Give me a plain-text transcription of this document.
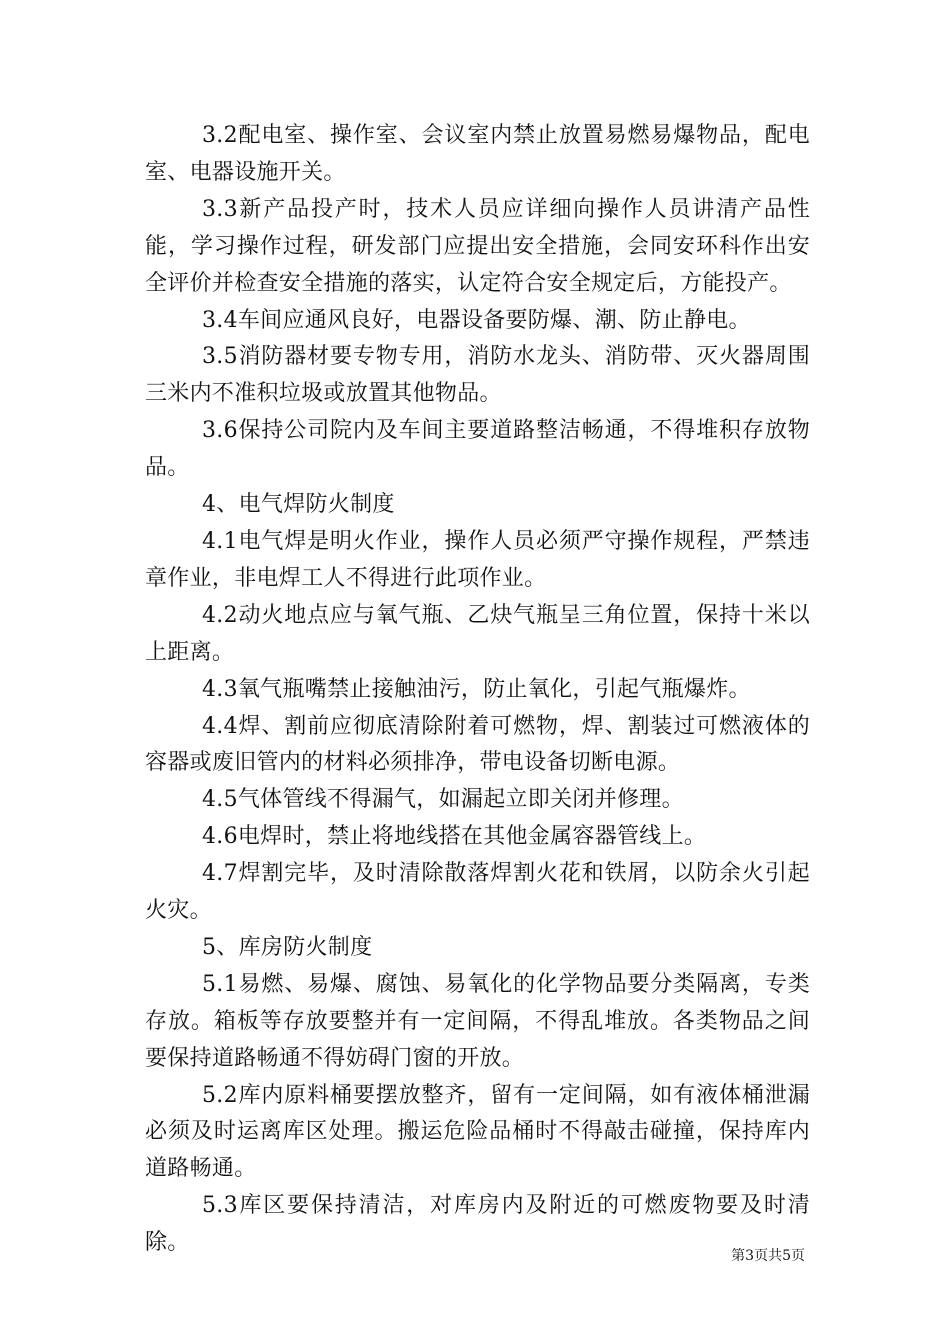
3.2配电室、操作室、会议室内禁止放置易燃易爆物品，配电室、电器设施开关。

3.3新产品投产时，技术人员应详细向操作人员讲清产品性能，学习操作过程，研发部门应提出安全措施，会同安环科作出安全评价并检查安全措施的落实，认定符合安全规定后，方能投产。

3.4车间应通风良好，电器设备要防爆、潮、防止静电。

3.5消防器材要专物专用，消防水龙头、消防带、灭火器周围三米内不准积垃圾或放置其他物品。

3.6保持公司院内及车间主要道路整洁畅通，不得堆积存放物品。

4、电气焊防火制度

4.1电气焊是明火作业，操作人员必须严守操作规程，严禁违章作业，非电焊工人不得进行此项作业。

4.2动火地点应与氧气瓶、乙炔气瓶呈三角位置，保持十米以上距离。

4.3氧气瓶嘴禁止接触油污，防止氧化，引起气瓶爆炸。

4.4焊、割前应彻底清除附着可燃物，焊、割装过可燃液体的容器或废旧管内的材料必须排净，带电设备切断电源。

4.5气体管线不得漏气，如漏起立即关闭并修理。

4.6电焊时，禁止将地线搭在其他金属容器管线上。

4.7焊割完毕，及时清除散落焊割火花和铁屑，以防余火引起火灾。

5、库房防火制度

5.1易燃、易爆、腐蚀、易氧化的化学物品要分类隔离，专类存放。箱板等存放要整并有一定间隔，不得乱堆放。各类物品之间要保持道路畅通不得妨碍门窗的开放。

5.2库内原料桶要摆放整齐，留有一定间隔，如有液体桶泄漏必须及时运离库区处理。搬运危险品桶时不得敲击碰撞，保持库内道路畅通。

5.3库区要保持清洁，对库房内及附近的可燃废物要及时清除。

第3页共5页
